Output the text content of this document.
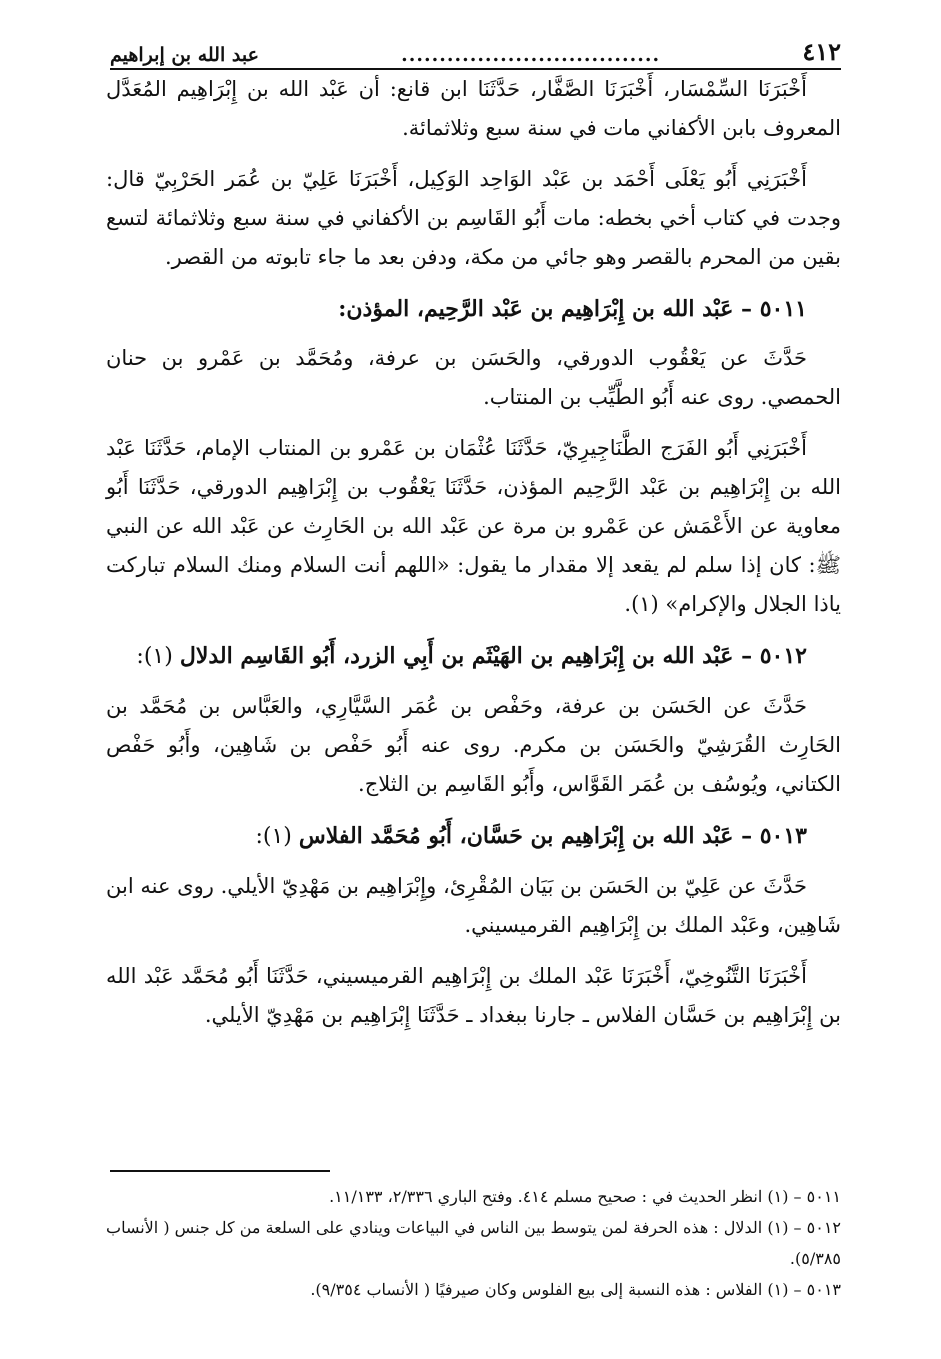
٤١٢
..................................
عبد الله بن إبراهيم

أَخْبَرَنَا السِّمْسَار، أَخْبَرَنَا الصَّفَّار، حَدَّثَنَا ابن قانع: أن عَبْد الله بن إِبْرَاهِيم المُعَدَّل المعروف بابن الأكفاني مات في سنة سبع وثلاثمائة.

أَخْبَرَنِي أَبُو يَعْلَى أَحْمَد بن عَبْد الوَاحِد الوَكِيل، أَخْبَرَنَا عَلِيّ بن عُمَر الحَرْبِيّ قال: وجدت في كتاب أخي بخطه: مات أَبُو القَاسِم بن الأكفاني في سنة سبع وثلاثمائة لتسع بقين من المحرم بالقصر وهو جائي من مكة، ودفن بعد ما جاء تابوته من القصر.

٥٠١١ – عَبْد الله بن إِبْرَاهِيم بن عَبْد الرَّحِيم، المؤذن:

حَدَّثَ عن يَعْقُوب الدورقي، والحَسَن بن عرفة، ومُحَمَّد بن عَمْرو بن حنان الحمصي. روى عنه أَبُو الطَّيِّب بن المنتاب.

أَخْبَرَنِي أَبُو الفَرَج الطَّنَاجِيرِيّ، حَدَّثَنَا عُثْمَان بن عَمْرو بن المنتاب الإمام، حَدَّثَنَا عَبْد الله بن إِبْرَاهِيم بن عَبْد الرَّحِيم المؤذن، حَدَّثَنَا يَعْقُوب بن إِبْرَاهِيم الدورقي، حَدَّثَنَا أَبُو معاوية عن الأَعْمَش عن عَمْرو بن مرة عن عَبْد الله بن الحَارِث عن عَبْد الله عن النبي ﷺ: كان إذا سلم لم يقعد إلا مقدار ما يقول: «اللهم أنت السلام ومنك السلام تباركت ياذا الجلال والإكرام» (١).

٥٠١٢ – عَبْد الله بن إِبْرَاهِيم بن الهَيْثَم بن أَبِي الزرد، أَبُو القَاسِم الدلال (١):

حَدَّثَ عن الحَسَن بن عرفة، وحَفْص بن عُمَر السَّيَّارِي، والعَبَّاس بن مُحَمَّد بن الحَارِث القُرَشِيّ والحَسَن بن مكرم. روى عنه أَبُو حَفْص بن شَاهِين، وأَبُو حَفْص الكتاني، ويُوسُف بن عُمَر القَوَّاس، وأَبُو القَاسِم بن الثلاج.

٥٠١٣ – عَبْد الله بن إِبْرَاهِيم بن حَسَّان، أَبُو مُحَمَّد الفلاس (١):

حَدَّثَ عن عَلِيّ بن الحَسَن بن بَيَان المُقْرِئ، وإِبْرَاهِيم بن مَهْدِيّ الأيلي. روى عنه ابن شَاهِين، وعَبْد الملك بن إِبْرَاهِيم القرميسيني.

أَخْبَرَنَا التَّنُوخِيّ، أَخْبَرَنَا عَبْد الملك بن إِبْرَاهِيم القرميسيني، حَدَّثَنَا أَبُو مُحَمَّد عَبْد الله بن إِبْرَاهِيم بن حَسَّان الفلاس ـ جارنا ببغداد ـ حَدَّثَنَا إِبْرَاهِيم بن مَهْدِيّ الأيلي.

٥٠١١ – (١) انظر الحديث في : صحيح مسلم ٤١٤. وفتح الباري ٢/٣٣٦، ١١/١٣٣.

٥٠١٢ – (١) الدلال : هذه الحرفة لمن يتوسط بين الناس في البياعات وينادي على السلعة من كل جنس ( الأنساب ٥/٣٨٥).

٥٠١٣ – (١) الفلاس : هذه النسبة إلى بيع الفلوس وكان صيرفيًا ( الأنساب ٩/٣٥٤).
